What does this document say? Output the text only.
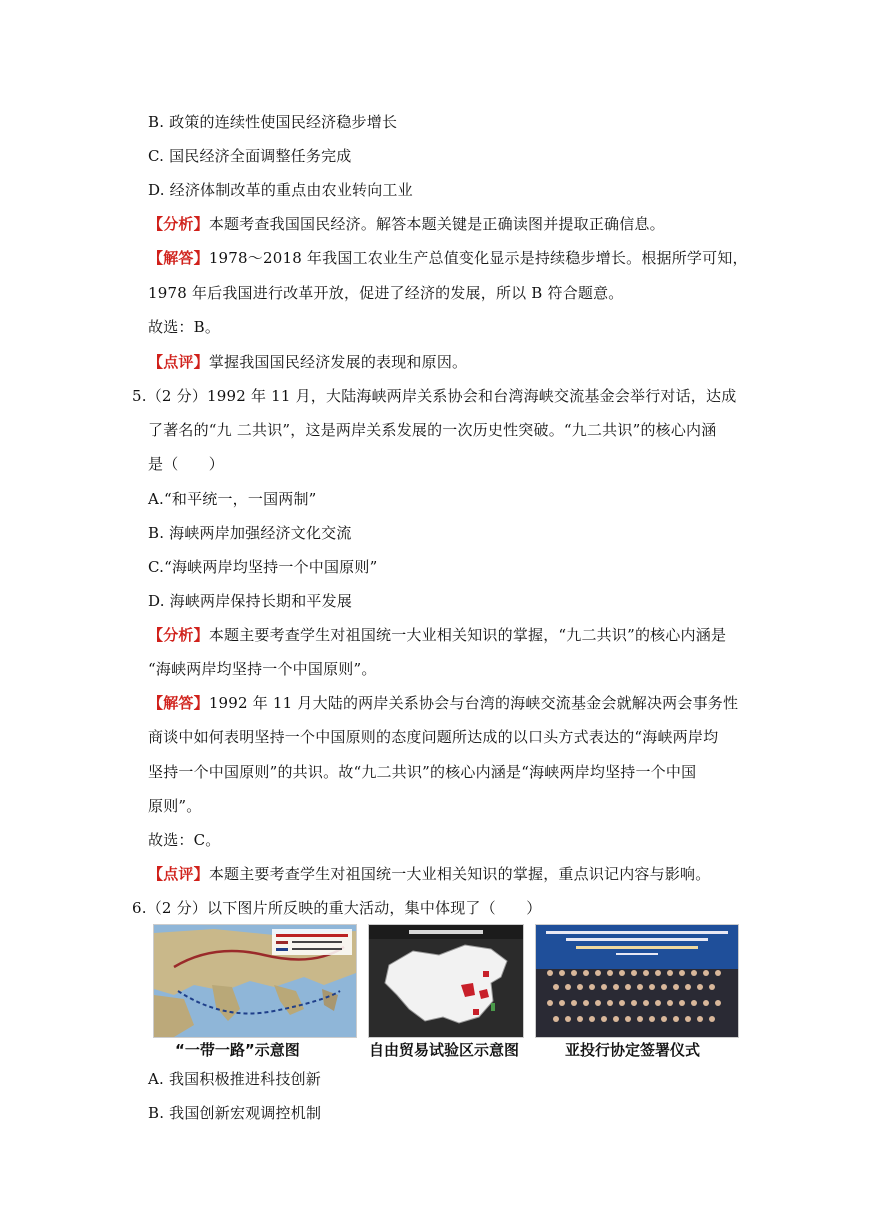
B. 政策的连续性使国民经济稳步增长
C. 国民经济全面调整任务完成
D. 经济体制改革的重点由农业转向工业
【分析】本题考查我国国民经济。解答本题关键是正确读图并提取正确信息。
【解答】1978～2018 年我国工农业生产总值变化显示是持续稳步增长。根据所学可知，
1978 年后我国进行改革开放，促进了经济的发展，所以 B 符合题意。
故选：B。
【点评】掌握我国国民经济发展的表现和原因。
5.（2 分）1992 年 11 月，大陆海峡两岸关系协会和台湾海峡交流基金会举行对话，达成
了著名的“九 二共识”，这是两岸关系发展的一次历史性突破。“九二共识”的核心内涵
是（　　）
A.“和平统一，一国两制”
B. 海峡两岸加强经济文化交流
C.“海峡两岸均坚持一个中国原则”
D. 海峡两岸保持长期和平发展
【分析】本题主要考查学生对祖国统一大业相关知识的掌握，“九二共识”的核心内涵是
“海峡两岸均坚持一个中国原则”。
【解答】1992 年 11 月大陆的两岸关系协会与台湾的海峡交流基金会就解决两会事务性
商谈中如何表明坚持一个中国原则的态度问题所达成的以口头方式表达的“海峡两岸均
坚持一个中国原则”的共识。故“九二共识”的核心内涵是“海峡两岸均坚持一个中国
原则”。
故选：C。
【点评】本题主要考查学生对祖国统一大业相关知识的掌握，重点识记内容与影响。
6.（2 分）以下图片所反映的重大活动，集中体现了（　　）
“一带一路”示意图	自由贸易试验区示意图	亚投行协定签署仪式
A. 我国积极推进科技创新
B. 我国创新宏观调控机制
